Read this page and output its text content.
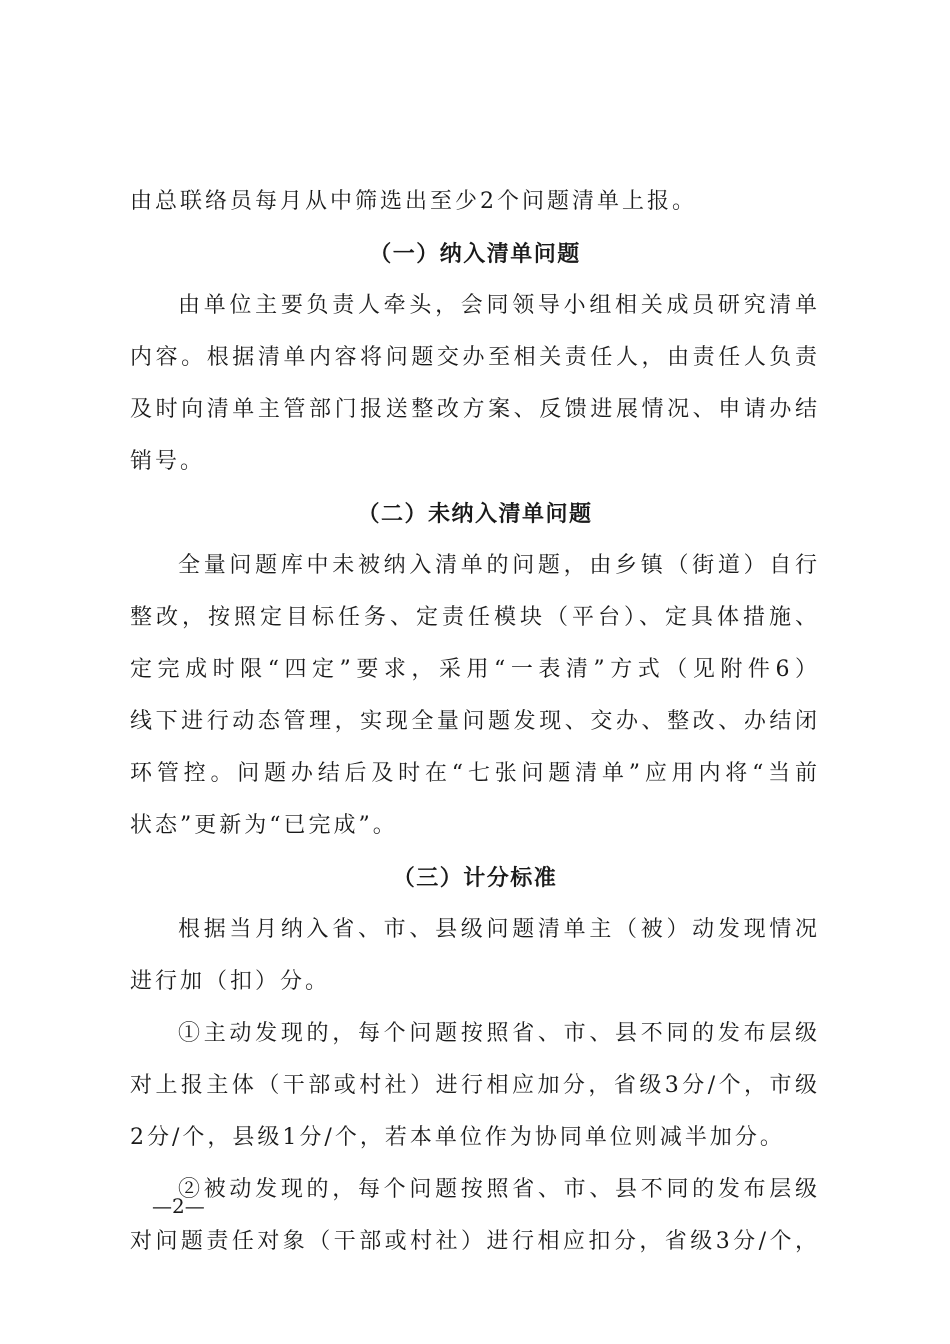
由总联络员每月从中筛选出至少2个问题清单上报。
（一）纳入清单问题
由单位主要负责人牵头，会同领导小组相关成员研究清单
内容。根据清单内容将问题交办至相关责任人，由责任人负责
及时向清单主管部门报送整改方案、反馈进展情况、申请办结
销号。
（二）未纳入清单问题
全量问题库中未被纳入清单的问题，由乡镇（街道）自行
整改，按照定目标任务、定责任模块（平台）、定具体措施、
定完成时限“四定”要求，采用“一表清”方式（见附件6）
线下进行动态管理，实现全量问题发现、交办、整改、办结闭
环管控。问题办结后及时在“七张问题清单”应用内将“当前
状态”更新为“已完成”。
（三）计分标准
根据当月纳入省、市、县级问题清单主（被）动发现情况
进行加（扣）分。
①主动发现的，每个问题按照省、市、县不同的发布层级
对上报主体（干部或村社）进行相应加分，省级3分/个，市级
2分/个，县级1分/个，若本单位作为协同单位则减半加分。
②被动发现的，每个问题按照省、市、县不同的发布层级
对问题责任对象（干部或村社）进行相应扣分，省级3分/个，
—2—
